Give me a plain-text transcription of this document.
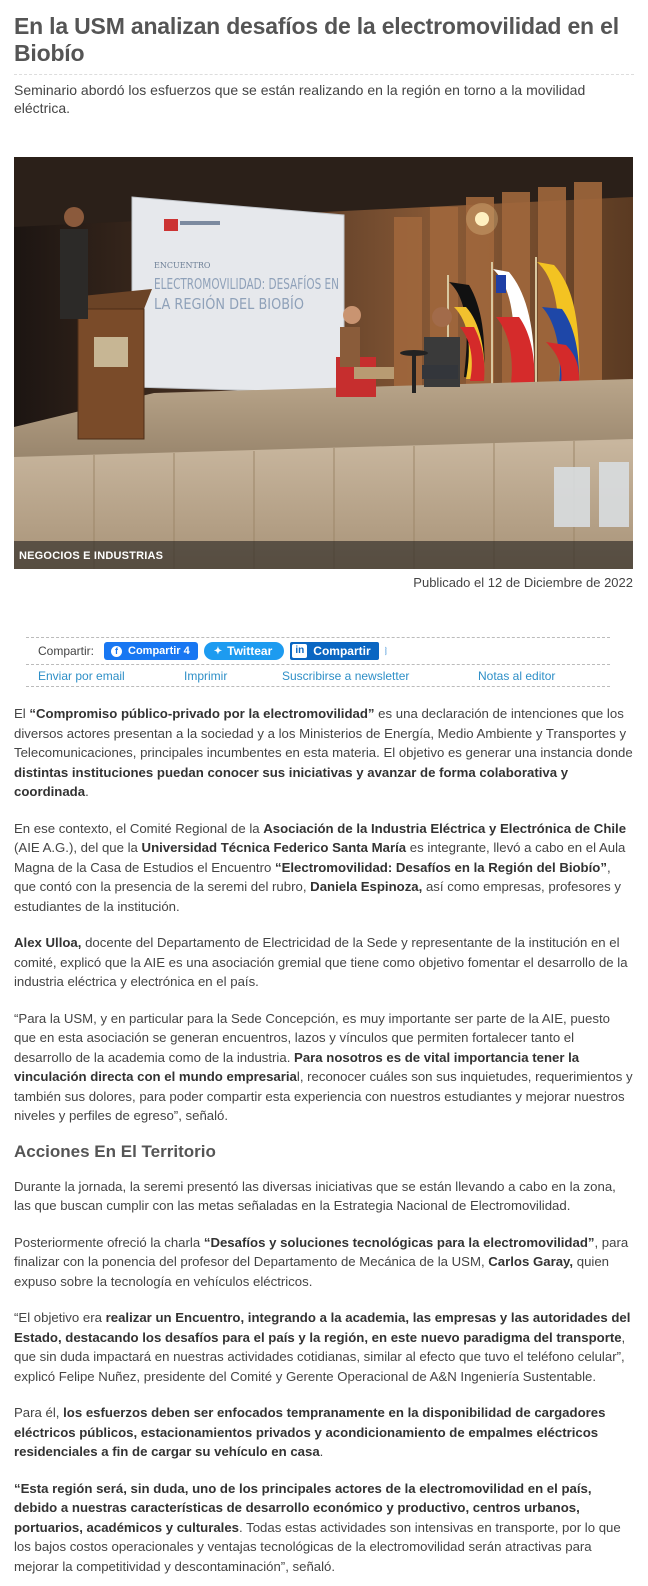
En la USM analizan desafíos de la electromovilidad en el Biobío

Seminario abordó los esfuerzos que se están realizando en la región en torno a la movilidad eléctrica.

ENCUENTRO
ELECTROMOVILIDAD: DESAFÍOS EN
LA REGIÓN DEL BIOBÍO
NEGOCIOS E INDUSTRIAS
Publicado el 12 de Diciembre de 2022
Compartir:	f Compartir 4 ✦ Twittear	in Compartir ⧘
Enviar por email	Imprimir	Suscribirse a newsletter	Notas al editor

El “Compromiso público-privado por la electromovilidad” es una declaración de intenciones que los diversos actores presentan a la sociedad y a los Ministerios de Energía, Medio Ambiente y Transportes y Telecomunicaciones, principales incumbentes en esta materia. El objetivo es generar una instancia donde distintas instituciones puedan conocer sus iniciativas y avanzar de forma colaborativa y coordinada.

En ese contexto, el Comité Regional de la Asociación de la Industria Eléctrica y Electrónica de Chile (AIE A.G.), del que la Universidad Técnica Federico Santa María es integrante, llevó a cabo en el Aula Magna de la Casa de Estudios el Encuentro “Electromovilidad: Desafíos en la Región del Biobío”, que contó con la presencia de la seremi del rubro, Daniela Espinoza, así como empresas, profesores y estudiantes de la institución.

Alex Ulloa, docente del Departamento de Electricidad de la Sede y representante de la institución en el comité, explicó que la AIE es una asociación gremial que tiene como objetivo fomentar el desarrollo de la industria eléctrica y electrónica en el país.

“Para la USM, y en particular para la Sede Concepción, es muy importante ser parte de la AIE, puesto que en esta asociación se generan encuentros, lazos y vínculos que permiten fortalecer tanto el desarrollo de la academia como de la industria. Para nosotros es de vital importancia tener la vinculación directa con el mundo empresarial, reconocer cuáles son sus inquietudes, requerimientos y también sus dolores, para poder compartir esta experiencia con nuestros estudiantes y mejorar nuestros niveles y perfiles de egreso”, señaló.

Acciones En El Territorio

Durante la jornada, la seremi presentó las diversas iniciativas que se están llevando a cabo en la zona, las que buscan cumplir con las metas señaladas en la Estrategia Nacional de Electromovilidad.

Posteriormente ofreció la charla “Desafíos y soluciones tecnológicas para la electromovilidad”, para finalizar con la ponencia del profesor del Departamento de Mecánica de la USM, Carlos Garay, quien expuso sobre la tecnología en vehículos eléctricos.

“El objetivo era realizar un Encuentro, integrando a la academia, las empresas y las autoridades del Estado, destacando los desafíos para el país y la región, en este nuevo paradigma del transporte, que sin duda impactará en nuestras actividades cotidianas, similar al efecto que tuvo el teléfono celular”, explicó Felipe Nuñez, presidente del Comité y Gerente Operacional de A&N Ingeniería Sustentable.

Para él, los esfuerzos deben ser enfocados tempranamente en la disponibilidad de cargadores eléctricos públicos, estacionamientos privados y acondicionamiento de empalmes eléctricos residenciales a fin de cargar su vehículo en casa.

“Esta región será, sin duda, uno de los principales actores de la electromovilidad en el país, debido a nuestras características de desarrollo económico y productivo, centros urbanos, portuarios, académicos y culturales. Todas estas actividades son intensivas en transporte, por lo que los bajos costos operacionales y ventajas tecnológicas de la electromovilidad serán atractivas para mejorar la competitividad y descontaminación”, señaló.
